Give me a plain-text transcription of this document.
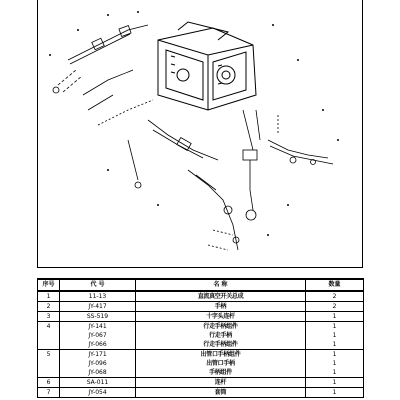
序号	代 号	名 称	数量
1	11-13	直流真空开关总成	2
2	JY-417	手柄	2
3	SS-519	十字头连杆	1
4	JY-141	行走手柄组件	1
	JY-067	行走手柄	1
	JY-066	行走手柄组件	1
5	JY-171	出管口手柄组件	1
	JY-096	出管口手柄	1
	JY-068	手柄组件	1
6	SA-011	连杆	1
7	JY-054	套筒	1
